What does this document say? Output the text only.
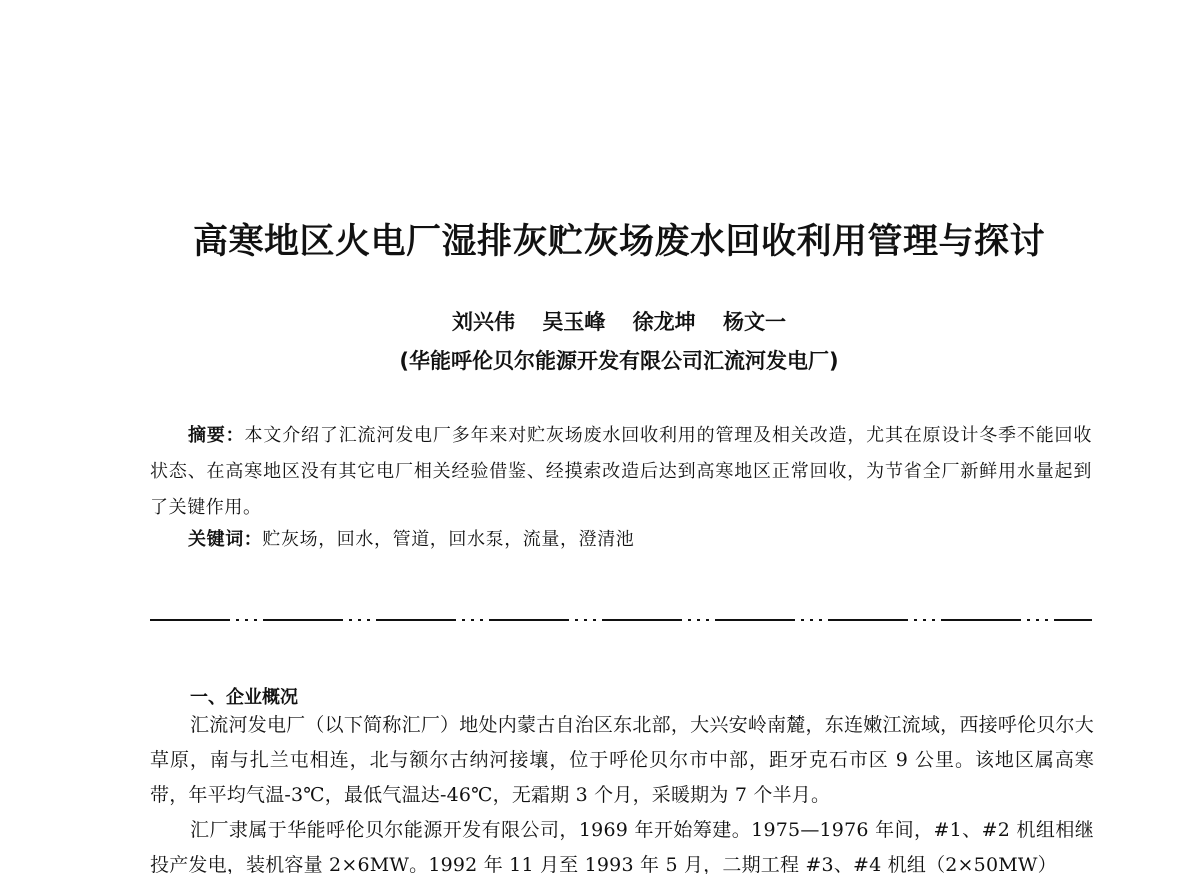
高寒地区火电厂湿排灰贮灰场废水回收利用管理与探讨
刘兴伟 吴玉峰 徐龙坤 杨文一
(华能呼伦贝尔能源开发有限公司汇流河发电厂)

摘要：本文介绍了汇流河发电厂多年来对贮灰场废水回收利用的管理及相关改造，尤其在原设计冬季不能回收状态、在高寒地区没有其它电厂相关经验借鉴、经摸索改造后达到高寒地区正常回收，为节省全厂新鲜用水量起到了关键作用。

关键词：贮灰场，回水，管道，回水泵，流量，澄清池

一、企业概况

汇流河发电厂（以下简称汇厂）地处内蒙古自治区东北部，大兴安岭南麓，东连嫩江流域，西接呼伦贝尔大草原，南与扎兰屯相连，北与额尔古纳河接壤，位于呼伦贝尔市中部，距牙克石市区 9 公里。该地区属高寒带，年平均气温-3℃，最低气温达-46℃，无霜期 3 个月，采暖期为 7 个半月。

汇厂隶属于华能呼伦贝尔能源开发有限公司，1969 年开始筹建。1975—1976 年间，#1、#2 机组相继投产发电，装机容量 2×6MW。1992 年 11 月至 1993 年 5 月，二期工程 #3、#4 机组（2×50MW）
